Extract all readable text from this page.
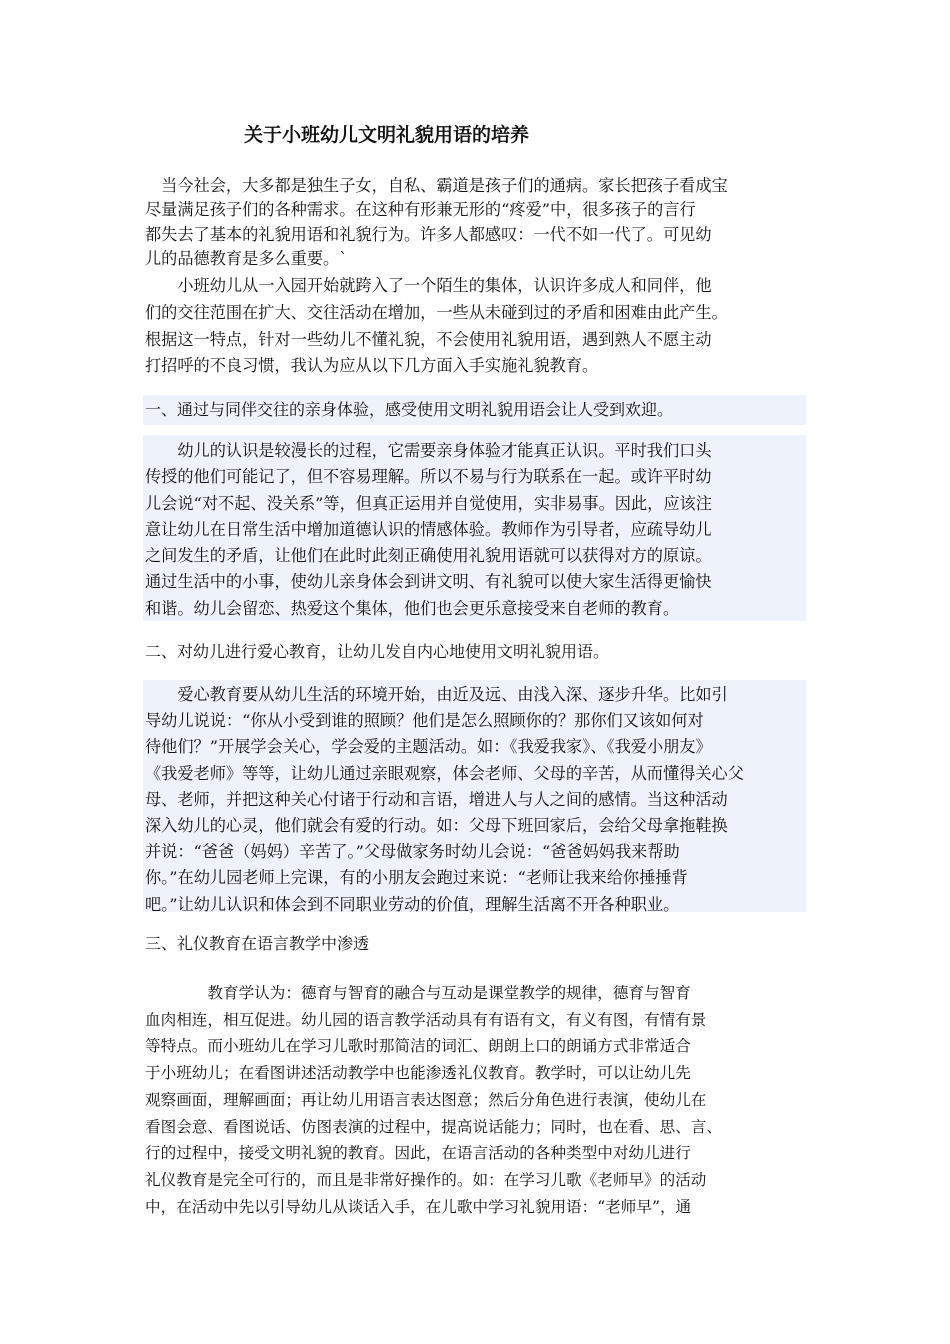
关于小班幼儿文明礼貌用语的培养
　当今社会，大多都是独生子女，自私、霸道是孩子们的通病。家长把孩子看成宝
尽量满足孩子们的各种需求。在这种有形兼无形的“疼爱”中，很多孩子的言行
都失去了基本的礼貌用语和礼貌行为。许多人都感叹：一代不如一代了。可见幼
儿的品德教育是多么重要。`
　　小班幼儿从一入园开始就跨入了一个陌生的集体，认识许多成人和同伴，他
们的交往范围在扩大、交往活动在增加，一些从未碰到过的矛盾和困难由此产生。
根据这一特点，针对一些幼儿不懂礼貌，不会使用礼貌用语，遇到熟人不愿主动
打招呼的不良习惯，我认为应从以下几方面入手实施礼貌教育。
一、通过与同伴交往的亲身体验，感受使用文明礼貌用语会让人受到欢迎。
　　幼儿的认识是较漫长的过程，它需要亲身体验才能真正认识。平时我们口头
传授的他们可能记了，但不容易理解。所以不易与行为联系在一起。或许平时幼
儿会说“对不起、没关系”等，但真正运用并自觉使用，实非易事。因此，应该注
意让幼儿在日常生活中增加道德认识的情感体验。教师作为引导者，应疏导幼儿
之间发生的矛盾，让他们在此时此刻正确使用礼貌用语就可以获得对方的原谅。
通过生活中的小事，使幼儿亲身体会到讲文明、有礼貌可以使大家生活得更愉快
和谐。幼儿会留恋、热爱这个集体，他们也会更乐意接受来自老师的教育。
二、对幼儿进行爱心教育，让幼儿发自内心地使用文明礼貌用语。
　　爱心教育要从幼儿生活的环境开始，由近及远、由浅入深、逐步升华。比如引
导幼儿说说：“你从小受到谁的照顾？他们是怎么照顾你的？那你们又该如何对
待他们？”开展学会关心，学会爱的主题活动。如：《我爱我家》、《我爱小朋友》
《我爱老师》等等，让幼儿通过亲眼观察，体会老师、父母的辛苦，从而懂得关心父
母、老师，并把这种关心付诸于行动和言语，增进人与人之间的感情。当这种活动
深入幼儿的心灵，他们就会有爱的行动。如：父母下班回家后，会给父母拿拖鞋换
并说：“爸爸（妈妈）辛苦了。”父母做家务时幼儿会说：“爸爸妈妈我来帮助
你。”在幼儿园老师上完课，有的小朋友会跑过来说：“老师让我来给你捶捶背
吧。”让幼儿认识和体会到不同职业劳动的价值，理解生活离不开各种职业。
三、礼仪教育在语言教学中渗透
　　　　教育学认为：德育与智育的融合与互动是课堂教学的规律，德育与智育
血肉相连，相互促进。幼儿园的语言教学活动具有有语有文，有义有图，有情有景
等特点。而小班幼儿在学习儿歌时那简洁的词汇、朗朗上口的朗诵方式非常适合
于小班幼儿；在看图讲述活动教学中也能渗透礼仪教育。教学时，可以让幼儿先
观察画面，理解画面；再让幼儿用语言表达图意；然后分角色进行表演，使幼儿在
看图会意、看图说话、仿图表演的过程中，提高说话能力；同时，也在看、思、言、
行的过程中，接受文明礼貌的教育。因此，在语言活动的各种类型中对幼儿进行
礼仪教育是完全可行的，而且是非常好操作的。如：在学习儿歌《老师早》的活动
中，在活动中先以引导幼儿从谈话入手，在儿歌中学习礼貌用语：“老师早”，通
